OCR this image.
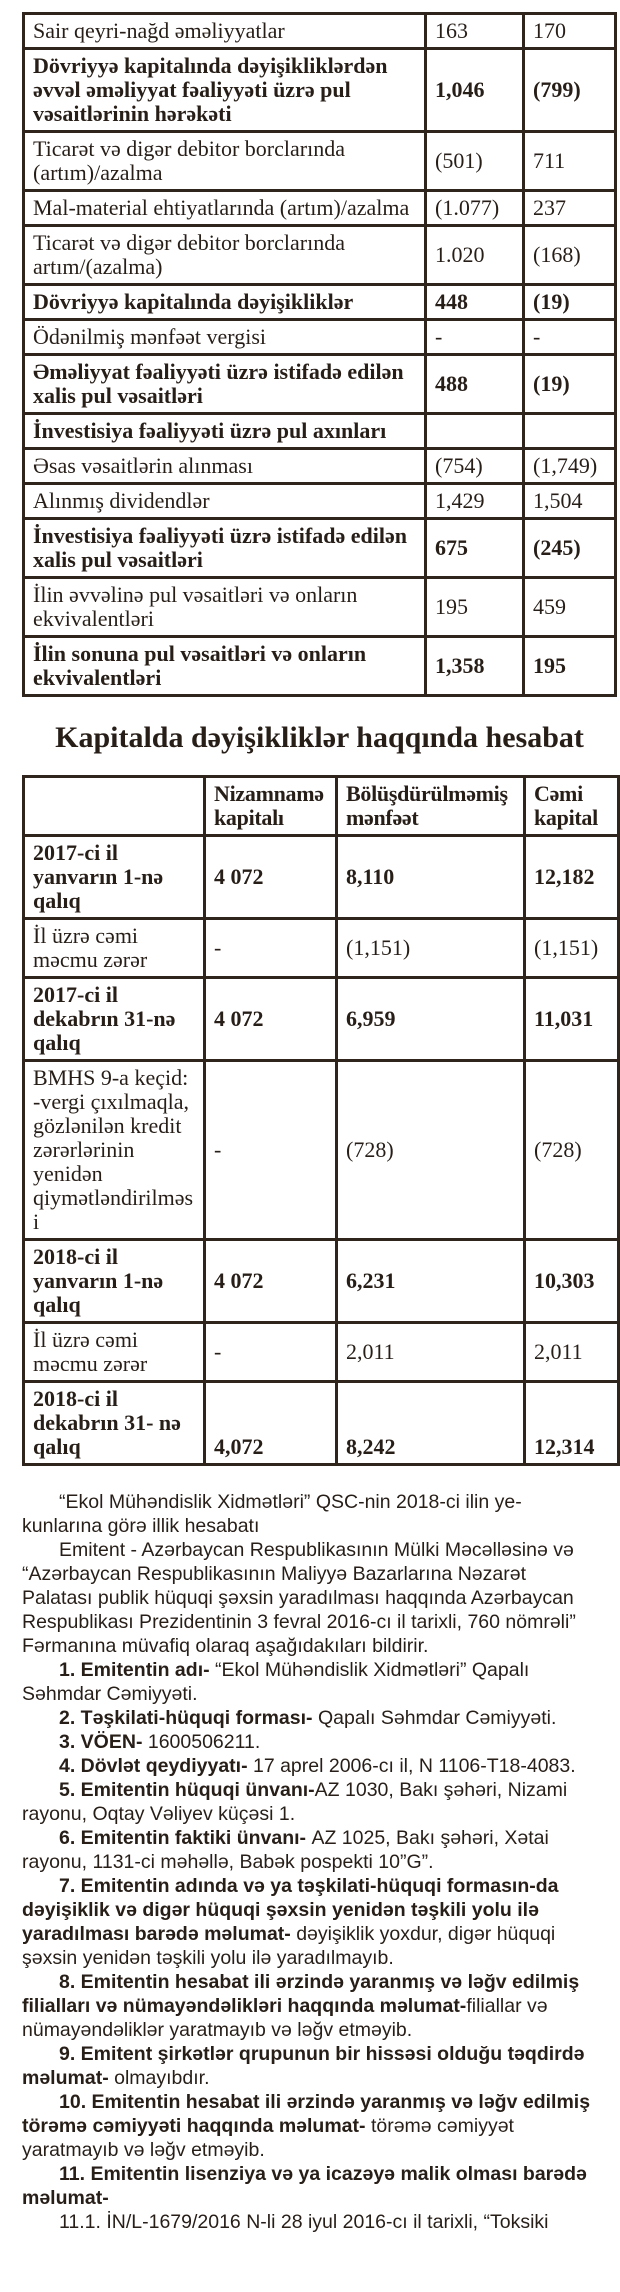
Sair qeyri-nağd əməliyyatlar	163	170
Dövriyyə kapitalında dəyişikliklərdən əvvəl əməliyyat fəaliyyəti üzrə pul vəsaitlərinin hərəkəti	1,046	(799)
Ticarət və digər debitor borclarında (artım)/azalma	(501)	711
Mal-material ehtiyatlarında (artım)/azalma	(1.077)	237
Ticarət və digər debitor borclarında artım/(azalma)	1.020	(168)
Dövriyyə kapitalında dəyişikliklər	448	(19)
Ödənilmiş mənfəət vergisi	-	-
Əməliyyat fəaliyyəti üzrə istifadə edilən xalis pul vəsaitləri	488	(19)
İnvestisiya fəaliyyəti üzrə pul axınları		
Əsas vəsaitlərin alınması	(754)	(1,749)
Alınmış dividendlər	1,429	1,504
İnvestisiya fəaliyyəti üzrə istifadə edilən xalis pul vəsaitləri	675	(245)
İlin əvvəlinə pul vəsaitləri və onların ekvivalentləri	195	459
İlin sonuna pul vəsaitləri və onların ekvivalentləri	1,358	195
Kapitalda dəyişikliklər haqqında hesabat
	Nizamnamə kapitalı	Bölüşdürülməmiş mənfəət	Cəmi kapital
2017-ci il yanvarın 1-nə qalıq	4 072	8,110	12,182
İl üzrə cəmi məcmu zərər	-	(1,151)	(1,151)
2017-ci il dekabrın 31-nə qalıq	4 072	6,959	11,031
BMHS 9-a keçid: -vergi çıxılmaqla, gözlənilən kredit zərərlərinin yenidən qiymətləndirilməsi	-	(728)	(728)
2018-ci il yanvarın 1-nə qalıq	4 072	6,231	10,303
İl üzrə cəmi məcmu zərər	-	2,011	2,011
2018-ci il dekabrın 31- nə qalıq	4,072	8,242	12,314

“Ekol Mühəndislik Xidmətləri” QSC-nin 2018-ci ilin ye-kunlarına görə illik hesabatı

Emitent - Azərbaycan Respublikasının Mülki Məcəlləsinə və “Azərbaycan Respublikasının Maliyyə Bazarlarına Nəzarət Palatası publik hüquqi şəxsin yaradılması haqqında Azərbaycan Respublikası Prezidentinin 3 fevral 2016-cı il tarixli, 760 nömrəli” Fərmanına müvafiq olaraq aşağıdakıları bildirir.

1. Emitentin adı- “Ekol Mühəndislik Xidmətləri” Qapalı Səhmdar Cəmiyyəti.

2. Təşkilati-hüquqi forması- Qapalı Səhmdar Cəmiyyəti.

3. VÖEN- 1600506211.

4. Dövlət qeydiyyatı- 17 aprel 2006-cı il, N 1106-T18-4083.

5. Emitentin hüquqi ünvanı-AZ 1030, Bakı şəhəri, Nizami rayonu, Oqtay Vəliyev küçəsi 1.

6. Emitentin faktiki ünvanı- AZ 1025, Bakı şəhəri, Xətai rayonu, 1131-ci məhəllə, Babək pospekti 10”G”.

7. Emitentin adında və ya təşkilati-hüquqi formasın-da dəyişiklik və digər hüquqi şəxsin yenidən təşkili yolu ilə yaradılması barədə məlumat- dəyişiklik yoxdur, digər hüquqi şəxsin yenidən təşkili yolu ilə yaradılmayıb.

8. Emitentin hesabat ili ərzində yaranmış və ləğv edilmiş filialları və nümayəndəlikləri haqqında məlumat-filiallar və nümayəndəliklər yaratmayıb və ləğv etməyib.

9. Emitent şirkətlər qrupunun bir hissəsi olduğu təqdirdə məlumat- olmayıbdır.

10. Emitentin hesabat ili ərzində yaranmış və ləğv edilmiş törəmə cəmiyyəti haqqında məlumat- törəmə cəmiyyət yaratmayıb və ləğv etməyib.

11. Emitentin lisenziya və ya icazəyə malik olması barədə məlumat-

11.1. İN/L-1679/2016 N-li 28 iyul 2016-cı il tarixli, “Toksiki
